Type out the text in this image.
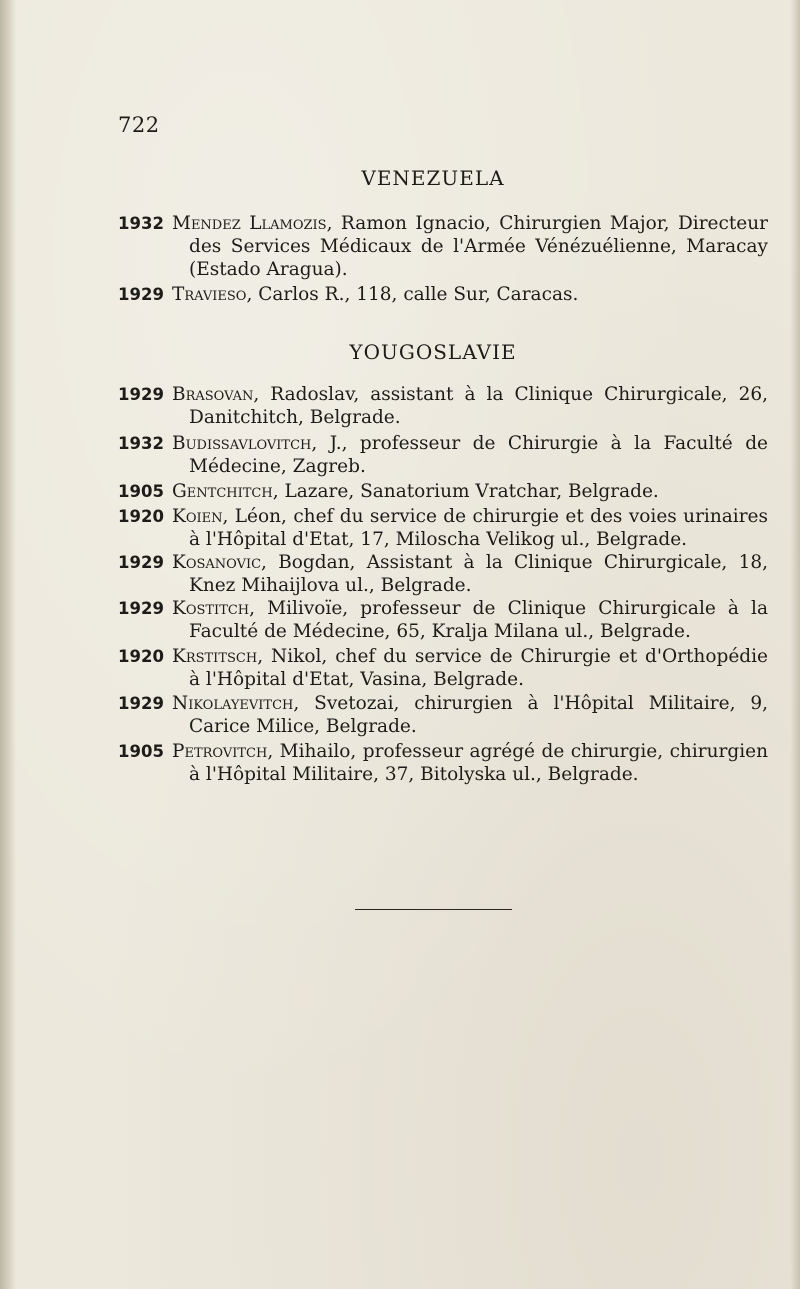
722
VENEZUELA
1932 Mendez Llamozis, Ramon Ignacio, Chirurgien Major, Directeur des Services Médicaux de l'Armée Vénézuélienne, Maracay (Estado Aragua).
1929 Travieso, Carlos R., 118, calle Sur, Caracas.
YOUGOSLAVIE
1929 Brasovan, Radoslav, assistant à la Clinique Chirurgicale, 26, Danitchitch, Belgrade.
1932 Budissavlovitch, J., professeur de Chirurgie à la Faculté de Médecine, Zagreb.
1905 Gentchitch, Lazare, Sanatorium Vratchar, Belgrade.
1920 Koien, Léon, chef du service de chirurgie et des voies urinaires à l'Hôpital d'Etat, 17, Miloscha Velikog ul., Belgrade.
1929 Kosanovic, Bogdan, Assistant à la Clinique Chirurgicale, 18, Knez Mihaijlova ul., Belgrade.
1929 Kostitch, Milivoïe, professeur de Clinique Chirurgicale à la Faculté de Médecine, 65, Kralja Milana ul., Belgrade.
1920 Krstitsch, Nikol, chef du service de Chirurgie et d'Orthopédie à l'Hôpital d'Etat, Vasina, Belgrade.
1929 Nikolayevitch, Svetozai, chirurgien à l'Hôpital Militaire, 9, Carice Milice, Belgrade.
1905 Petrovitch, Mihailo, professeur agrégé de chirurgie, chirurgien à l'Hôpital Militaire, 37, Bitolyska ul., Belgrade.
